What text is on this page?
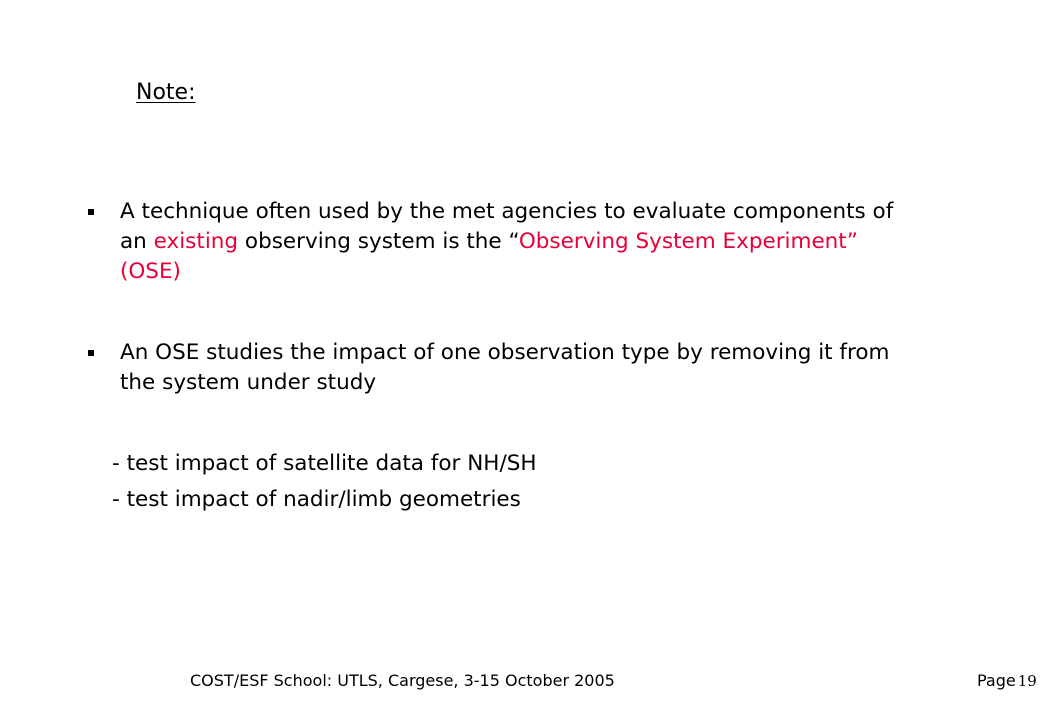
Note:
A technique often used by the met agencies to evaluate components of an existing observing system is the “Observing System Experiment” (OSE)
An OSE studies the impact of one observation type by removing it from the system under study
- test impact of satellite data for NH/SH
- test impact of nadir/limb geometries
COST/ESF School: UTLS, Cargese, 3-15 October 2005	Page 19
